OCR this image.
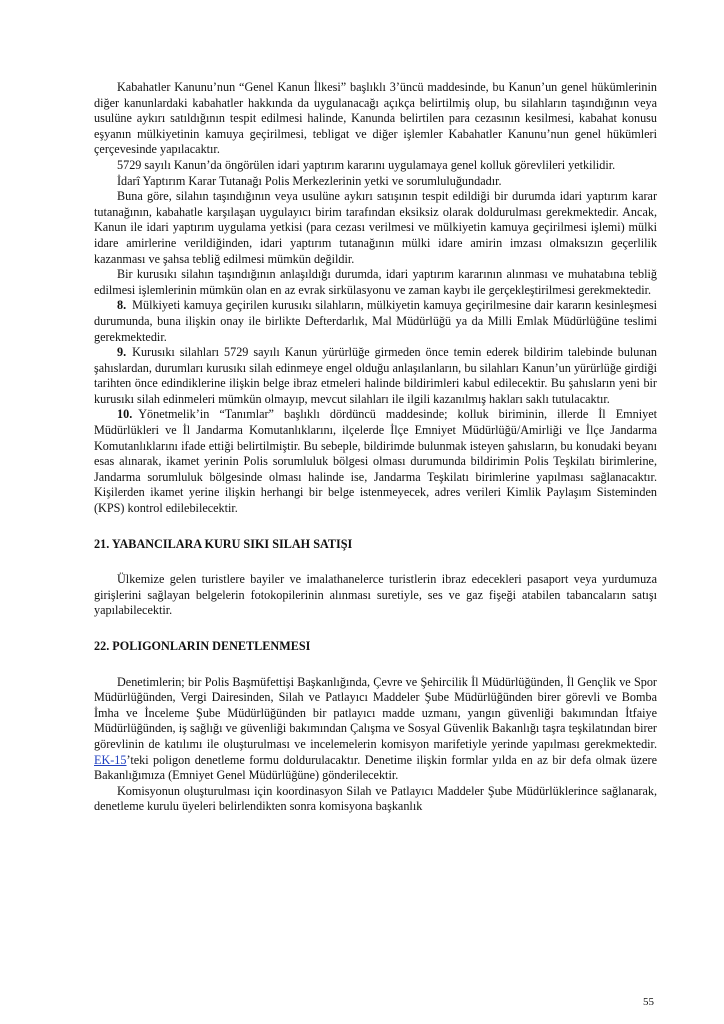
Kabahatler Kanunu’nun “Genel Kanun İlkesi” başlıklı 3’üncü maddesinde, bu Kanun’un genel hükümlerinin diğer kanunlardaki kabahatler hakkında da uygulanacağı açıkça belirtilmiş olup, bu silahların taşındığının veya usulüne aykırı satıldığının tespit edilmesi halinde, Kanunda belirtilen para cezasının kesilmesi, kabahat konusu eşyanın mülkiyetinin kamuya geçirilmesi, tebligat ve diğer işlemler Kabahatler Kanunu’nun genel hükümleri çerçevesinde yapılacaktır.

5729 sayılı Kanun’da öngörülen idari yaptırım kararını uygulamaya genel kolluk görevlileri yetkilidir.

İdarî Yaptırım Karar Tutanağı Polis Merkezlerinin yetki ve sorumluluğundadır.

Buna göre, silahın taşındığının veya usulüne aykırı satışının tespit edildiği bir durumda idari yaptırım karar tutanağının, kabahatle karşılaşan uygulayıcı birim tarafından eksiksiz olarak doldurulması gerekmektedir. Ancak, Kanun ile idari yaptırım uygulama yetkisi (para cezası verilmesi ve mülkiyetin kamuya geçirilmesi işlemi) mülki idare amirlerine verildiğinden, idari yaptırım tutanağının mülki idare amirin imzası olmaksızın geçerlilik kazanması ve şahsa tebliğ edilmesi mümkün değildir.

Bir kurusıkı silahın taşındığının anlaşıldığı durumda, idari yaptırım kararının alınması ve muhatabına tebliğ edilmesi işlemlerinin mümkün olan en az evrak sirkülasyonu ve zaman kaybı ile gerçekleştirilmesi gerekmektedir.

8. Mülkiyeti kamuya geçirilen kurusıkı silahların, mülkiyetin kamuya geçirilmesine dair kararın kesinleşmesi durumunda, buna ilişkin onay ile birlikte Defterdarlık, Mal Müdürlüğü ya da Milli Emlak Müdürlüğüne teslimi gerekmektedir.

9. Kurusıkı silahları 5729 sayılı Kanun yürürlüğe girmeden önce temin ederek bildirim talebinde bulunan şahıslardan, durumları kurusıkı silah edinmeye engel olduğu anlaşılanların, bu silahları Kanun’un yürürlüğe girdiği tarihten önce edindiklerine ilişkin belge ibraz etmeleri halinde bildirimleri kabul edilecektir. Bu şahısların yeni bir kurusıkı silah edinmeleri mümkün olmayıp, mevcut silahları ile ilgili kazanılmış hakları saklı tutulacaktır.

10. Yönetmelik’in “Tanımlar” başlıklı dördüncü maddesinde; kolluk biriminin, illerde İl Emniyet Müdürlükleri ve İl Jandarma Komutanlıklarını, ilçelerde İlçe Emniyet Müdürlüğü/Amirliği ve İlçe Jandarma Komutanlıklarını ifade ettiği belirtilmiştir. Bu sebeple, bildirimde bulunmak isteyen şahısların, bu konudaki beyanı esas alınarak, ikamet yerinin Polis sorumluluk bölgesi olması durumunda bildirimin Polis Teşkilatı birimlerine, Jandarma sorumluluk bölgesinde olması halinde ise, Jandarma Teşkilatı birimlerine yapılması sağlanacaktır. Kişilerden ikamet yerine ilişkin herhangi bir belge istenmeyecek, adres verileri Kimlik Paylaşım Sisteminden (KPS) kontrol edilebilecektir.

21. YABANCILARA KURU SIKI SILAH SATIŞI

Ülkemize gelen turistlere bayiler ve imalathanelerce turistlerin ibraz edecekleri pasaport veya yurdumuza girişlerini sağlayan belgelerin fotokopilerinin alınması suretiyle, ses ve gaz fişeği atabilen tabancaların satışı yapılabilecektir.

22. POLIGONLARIN DENETLENMESI

Denetimlerin; bir Polis Başmüfettişi Başkanlığında, Çevre ve Şehircilik İl Müdürlüğünden, İl Gençlik ve Spor Müdürlüğünden, Vergi Dairesinden, Silah ve Patlayıcı Maddeler Şube Müdürlüğünden birer görevli ve Bomba İmha ve İnceleme Şube Müdürlüğünden bir patlayıcı madde uzmanı, yangın güvenliği bakımından İtfaiye Müdürlüğünden, iş sağlığı ve güvenliği bakımından Çalışma ve Sosyal Güvenlik Bakanlığı taşra teşkilatından birer görevlinin de katılımı ile oluşturulması ve incelemelerin komisyon marifetiyle yerinde yapılması gerekmektedir. EK-15’teki poligon denetleme formu doldurulacaktır. Denetime ilişkin formlar yılda en az bir defa olmak üzere Bakanlığımıza (Emniyet Genel Müdürlüğüne) gönderilecektir.

Komisyonun oluşturulması için koordinasyon Silah ve Patlayıcı Maddeler Şube Müdürlüklerince sağlanarak, denetleme kurulu üyeleri belirlendikten sonra komisyona başkanlık

55
